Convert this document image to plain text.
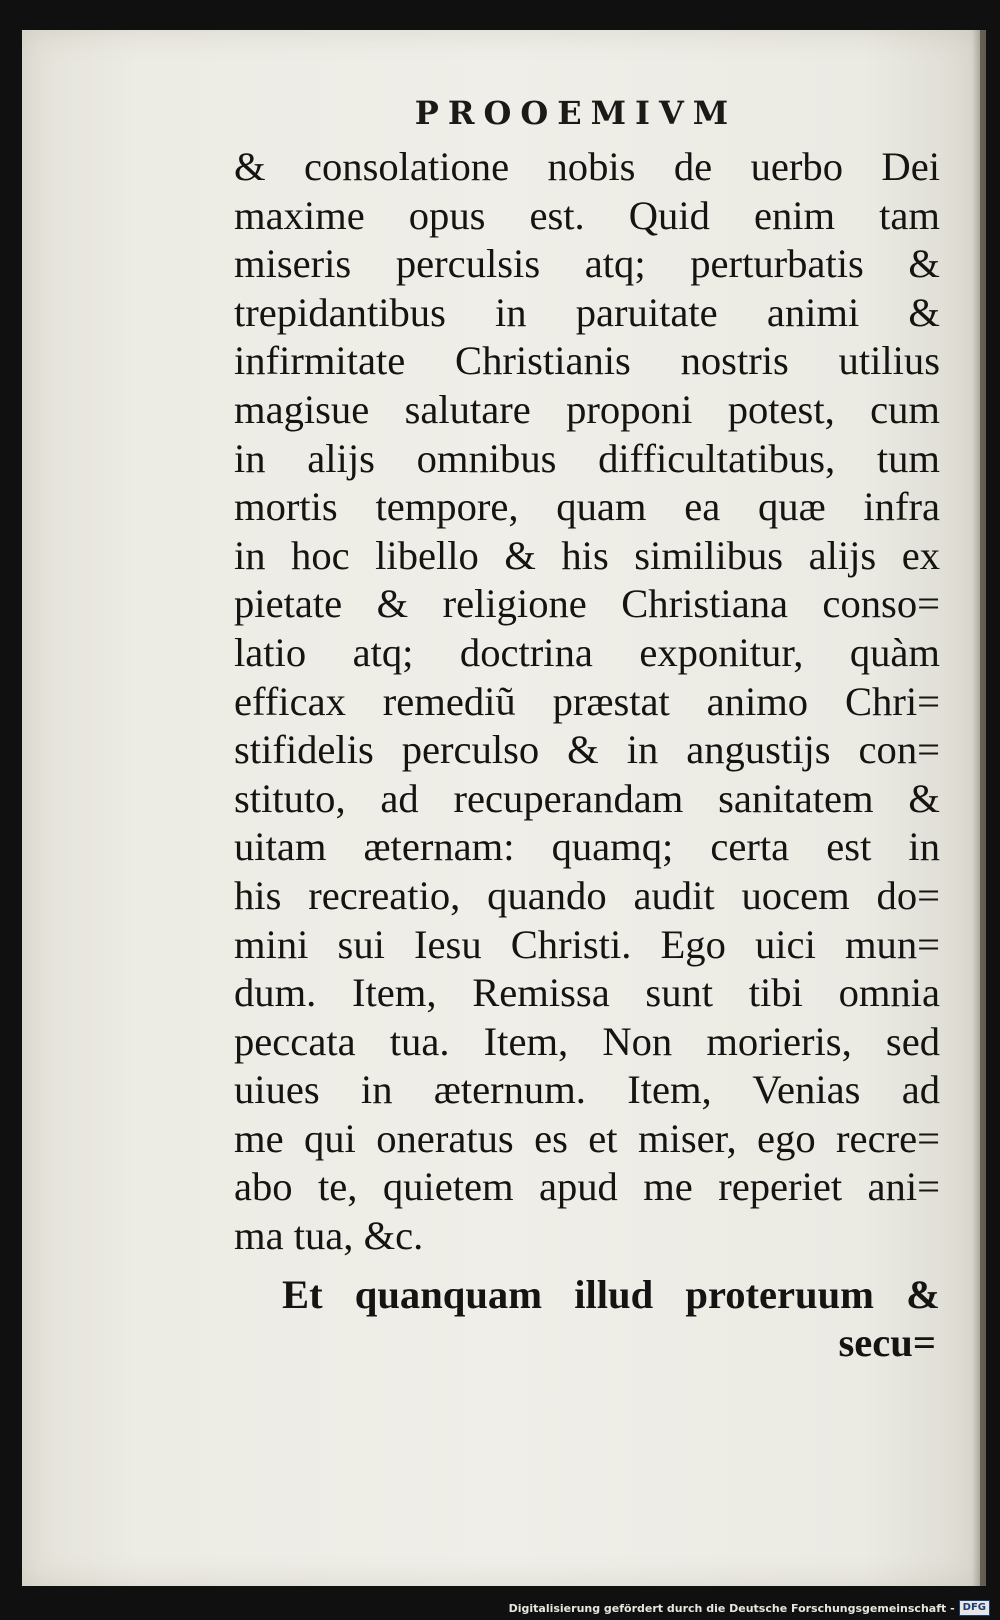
PROOEMIVM
& consolatione nobis de uerbo Dei
maxime opus est. Quid enim tam
miseris perculsis atq; perturbatis &
trepidantibus in paruitate animi &
infirmitate Christianis nostris utilius
magisue salutare proponi potest, cum
in alijs omnibus difficultatibus, tum
mortis tempore, quam ea quæ infra
in hoc libello & his similibus alijs ex
pietate & religione Christiana conso=
latio atq; doctrina exponitur, quàm
efficax remediũ præstat animo Chri=
stifidelis perculso & in angustijs con=
stituto, ad recuperandam sanitatem &
uitam æternam: quamq; certa est in
his recreatio, quando audit uocem do=
mini sui Iesu Christi. Ego uici mun=
dum. Item, Remissa sunt tibi omnia
peccata tua. Item, Non morieris, sed
uiues in æternum. Item, Venias ad
me qui oneratus es et miser, ego recre=
abo te, quietem apud me reperiet ani=
ma tua, &c.
Et quanquam illud proteruum &
secu=
Digitalisierung gefördert durch die Deutsche Forschungsgemeinschaft - DFG
